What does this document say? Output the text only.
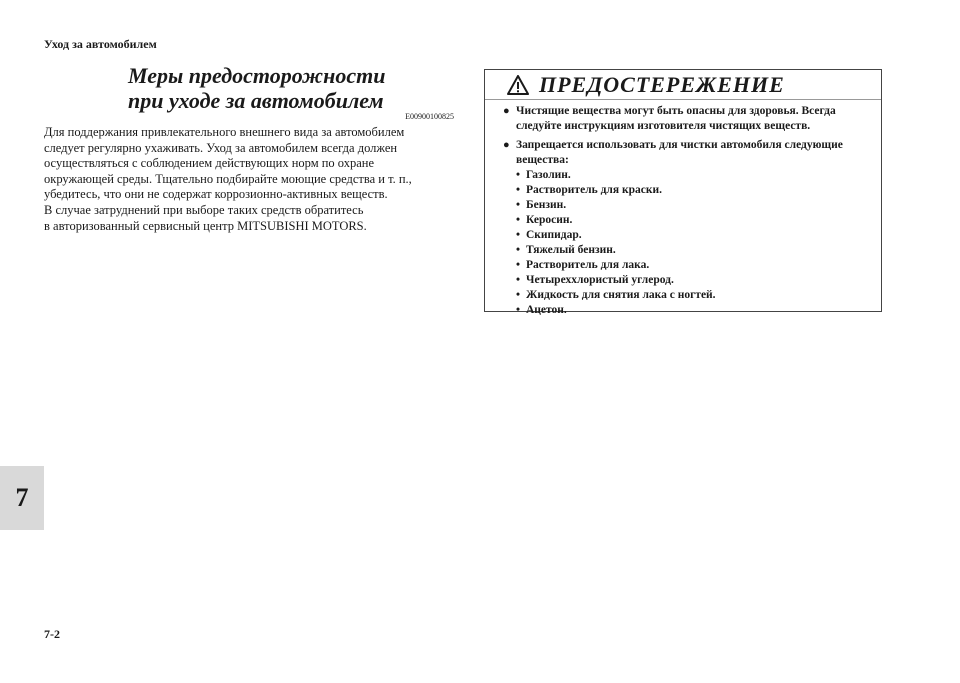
Уход за автомобилем
Меры предосторожности
при уходе за автомобилем
E00900100825

Для поддержания привлекательного внешнего вида за автомобилем

следует регулярно ухаживать. Уход за автомобилем всегда должен

осуществляться с соблюдением действующих норм по охране

окружающей среды. Тщательно подбирайте моющие средства и т. п.,

убедитесь, что они не содержат коррозионно-активных веществ.

В случае затруднений при выборе таких средств обратитесь

в авторизованный сервисный центр MITSUBISHI MOTORS.

ПРЕДОСТЕРЕЖЕНИЕ
● Чистящие вещества могут быть опасны для здоровья. Всегда следуйте инструкциям изготовителя чистящих веществ.
● Запрещается использовать для чистки автомобиля следующие вещества:
• Газолин.
• Растворитель для краски.
• Бензин.
• Керосин.
• Скипидар.
• Тяжелый бензин.
• Растворитель для лака.
• Четыреххлористый углерод.
• Жидкость для снятия лака с ногтей.
• Ацетон.
7
7-2
